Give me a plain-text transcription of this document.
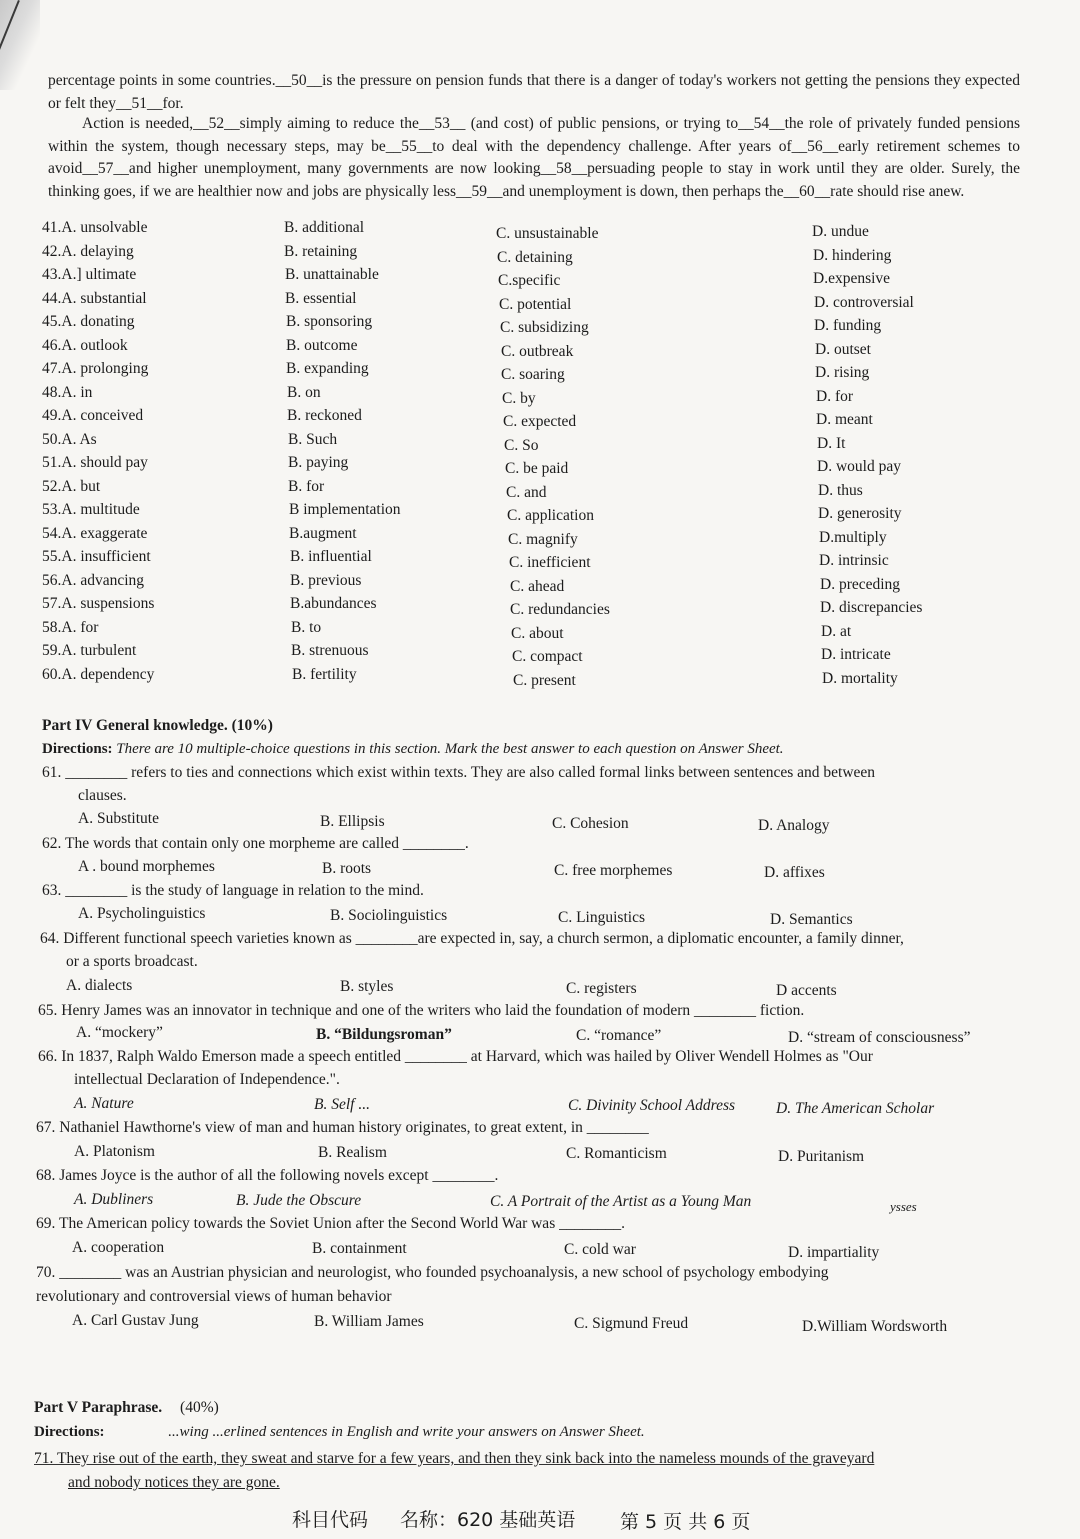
percentage points in some countries.__50__is the pressure on pension funds that there is a danger of today's workers not getting the pensions they expected or felt they__51__for.
Action is needed,__52__simply aiming to reduce the__53__ (and cost) of public pensions, or trying to__54__the role of privately funded pensions within the system, though necessary steps, may be__55__to deal with the dependency challenge. After years of__56__early retirement schemes to avoid__57__and higher unemployment, many governments are now looking__58__persuading people to stay in work until they are older. Surely, the thinking goes, if we are healthier now and jobs are physically less__59__and unemployment is down, then perhaps the__60__rate should rise anew.
41.A. unsolvable	B. additional	C. unsustainable	D. undue
42.A. delaying	B. retaining	C. detaining	D. hindering
43.A.] ultimate	B. unattainable	C.specific	D.expensive
44.A. substantial	B. essential	C. potential	D. controversial
45.A. donating	B. sponsoring	C. subsidizing	D. funding
46.A. outlook	B. outcome	C. outbreak	D. outset
47.A. prolonging	B. expanding	C. soaring	D. rising
48.A. in	B. on	C. by	D. for
49.A. conceived	B. reckoned	C. expected	D. meant
50.A. As	B. Such	C. So	D. It
51.A. should pay	B. paying	C. be paid	D. would pay
52.A. but	B. for	C. and	D. thus
53.A. multitude	B implementation	C. application	D. generosity
54.A. exaggerate	B.augment	C. magnify	D.multiply
55.A. insufficient	B. influential	C. inefficient	D. intrinsic
56.A. advancing	B. previous	C. ahead	D. preceding
57.A. suspensions	B.abundances	C. redundancies	D. discrepancies
58.A. for	B. to	C. about	D. at
59.A. turbulent	B. strenuous	C. compact	D. intricate
60.A. dependency	B. fertility	C. present	D. mortality
Part IV General knowledge. (10%)
Directions: There are 10 multiple-choice questions in this section. Mark the best answer to each question on Answer Sheet.
61. ________ refers to ties and connections which exist within texts. They are also called formal links between sentences and between
clauses.
A. Substitute	B. Ellipsis	C. Cohesion	D. Analogy
62. The words that contain only one morpheme are called ________.
A . bound morphemes	B. roots	C. free morphemes	D. affixes
63. ________ is the study of language in relation to the mind.
A. Psycholinguistics	B. Sociolinguistics	C. Linguistics	D. Semantics
64. Different functional speech varieties known as ________are expected in, say, a church sermon, a diplomatic encounter, a family dinner,
or a sports broadcast.
A. dialects	B. styles	C. registers	D accents
65. Henry James was an innovator in technique and one of the writers who laid the foundation of modern ________ fiction.
A. “mockery”	B. “Bildungsroman”	C. “romance”	D. “stream of consciousness”
66. In 1837, Ralph Waldo Emerson made a speech entitled ________ at Harvard, which was hailed by Oliver Wendell Holmes as "Our
intellectual Declaration of Independence.".
A. Nature	B. Self ...	C. Divinity School Address	D. The American Scholar
67. Nathaniel Hawthorne's view of man and human history originates, to great extent, in ________
A. Platonism	B. Realism	C. Romanticism	D. Puritanism
68. James Joyce is the author of all the following novels except ________.
A. Dubliners	B. Jude the Obscure	C. A Portrait of the Artist as a Young Man	ysses
69. The American policy towards the Soviet Union after the Second World War was ________.
A. cooperation	B. containment	C. cold war	D. impartiality
70. ________ was an Austrian physician and neurologist, who founded psychoanalysis, a new school of psychology embodying
revolutionary and controversial views of human behavior
A. Carl Gustav Jung	B. William James	C. Sigmund Freud	D.William Wordsworth
Part V Paraphrase. (40%)
Directions:	...wing ...erlined sentences in English and write your answers on Answer Sheet.
71. They rise out of the earth, they sweat and starve for a few years, and then they sink back into the nameless mounds of the graveyard
and nobody notices they are gone.
科目代码 名称：620 基础英语 第 5 页 共 6 页
